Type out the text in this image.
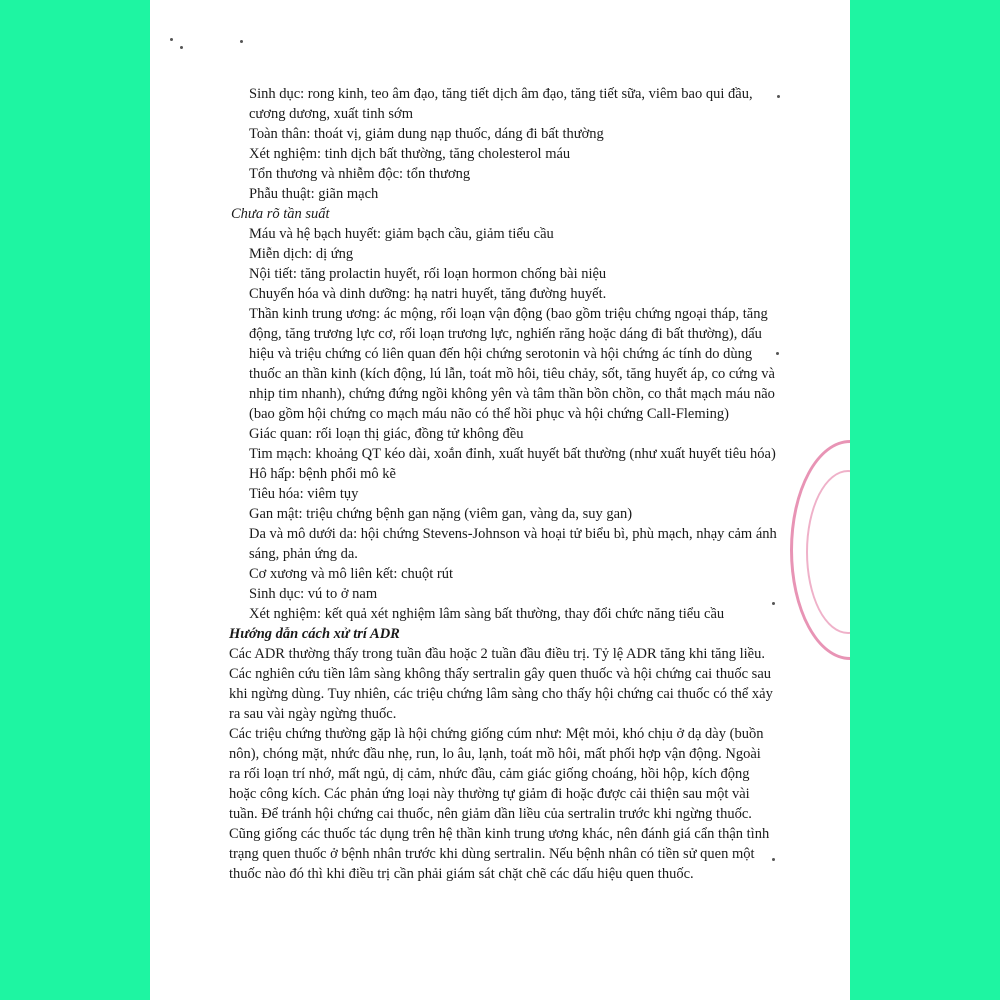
Sinh dục: rong kinh, teo âm đạo, tăng tiết dịch âm đạo, tăng tiết sữa, viêm bao qui đầu,
cương dương, xuất tinh sớm
Toàn thân: thoát vị, giảm dung nạp thuốc, dáng đi bất thường
Xét nghiệm: tinh dịch bất thường, tăng cholesterol máu
Tổn thương và nhiễm độc: tổn thương
Phẫu thuật: giãn mạch
Chưa rõ tần suất
Máu và hệ bạch huyết: giảm bạch cầu, giảm tiểu cầu
Miễn dịch: dị ứng
Nội tiết: tăng prolactin huyết, rối loạn hormon chống bài niệu
Chuyển hóa và dinh dưỡng: hạ natri huyết, tăng đường huyết.
Thần kinh trung ương: ác mộng, rối loạn vận động (bao gồm triệu chứng ngoại tháp, tăng
động, tăng trương lực cơ, rối loạn trương lực, nghiến răng hoặc dáng đi bất thường), dấu
hiệu và triệu chứng có liên quan đến hội chứng serotonin và hội chứng ác tính do dùng
thuốc an thần kinh (kích động, lú lẫn, toát mồ hôi, tiêu chảy, sốt, tăng huyết áp, co cứng và
nhịp tim nhanh), chứng đứng ngồi không yên và tâm thần bồn chồn, co thắt mạch máu não
(bao gồm hội chứng co mạch máu não có thể hồi phục và hội chứng Call-Fleming)
Giác quan: rối loạn thị giác, đồng tử không đều
Tim mạch: khoảng QT kéo dài, xoắn đỉnh, xuất huyết bất thường (như xuất huyết tiêu hóa)
Hô hấp: bệnh phổi mô kẽ
Tiêu hóa: viêm tụy
Gan mật: triệu chứng bệnh gan nặng (viêm gan, vàng da, suy gan)
Da và mô dưới da: hội chứng Stevens-Johnson và hoại tử biểu bì, phù mạch, nhạy cảm ánh
sáng, phản ứng da.
Cơ xương và mô liên kết: chuột rút
Sinh dục: vú to ở nam
Xét nghiệm: kết quả xét nghiệm lâm sàng bất thường, thay đổi chức năng tiểu cầu
Hướng dẫn cách xử trí ADR
Các ADR thường thấy trong tuần đầu hoặc 2 tuần đầu điều trị. Tỷ lệ ADR tăng khi tăng liều.
Các nghiên cứu tiền lâm sàng không thấy sertralin gây quen thuốc và hội chứng cai thuốc sau
khi ngừng dùng. Tuy nhiên, các triệu chứng lâm sàng cho thấy hội chứng cai thuốc có thể xảy
ra sau vài ngày ngừng thuốc.
Các triệu chứng thường gặp là hội chứng giống cúm như: Mệt mỏi, khó chịu ở dạ dày (buồn
nôn), chóng mặt, nhức đầu nhẹ, run, lo âu, lạnh, toát mồ hôi, mất phối hợp vận động. Ngoài
ra rối loạn trí nhớ, mất ngủ, dị cảm, nhức đầu, cảm giác giống choáng, hồi hộp, kích động
hoặc công kích. Các phản ứng loại này thường tự giảm đi hoặc được cải thiện sau một vài
tuần. Để tránh hội chứng cai thuốc, nên giảm dần liều của sertralin trước khi ngừng thuốc.
Cũng giống các thuốc tác dụng trên hệ thần kinh trung ương khác, nên đánh giá cẩn thận tình
trạng quen thuốc ở bệnh nhân trước khi dùng sertralin. Nếu bệnh nhân có tiền sử quen một
thuốc nào đó thì khi điều trị cần phải giám sát chặt chẽ các dấu hiệu quen thuốc.
